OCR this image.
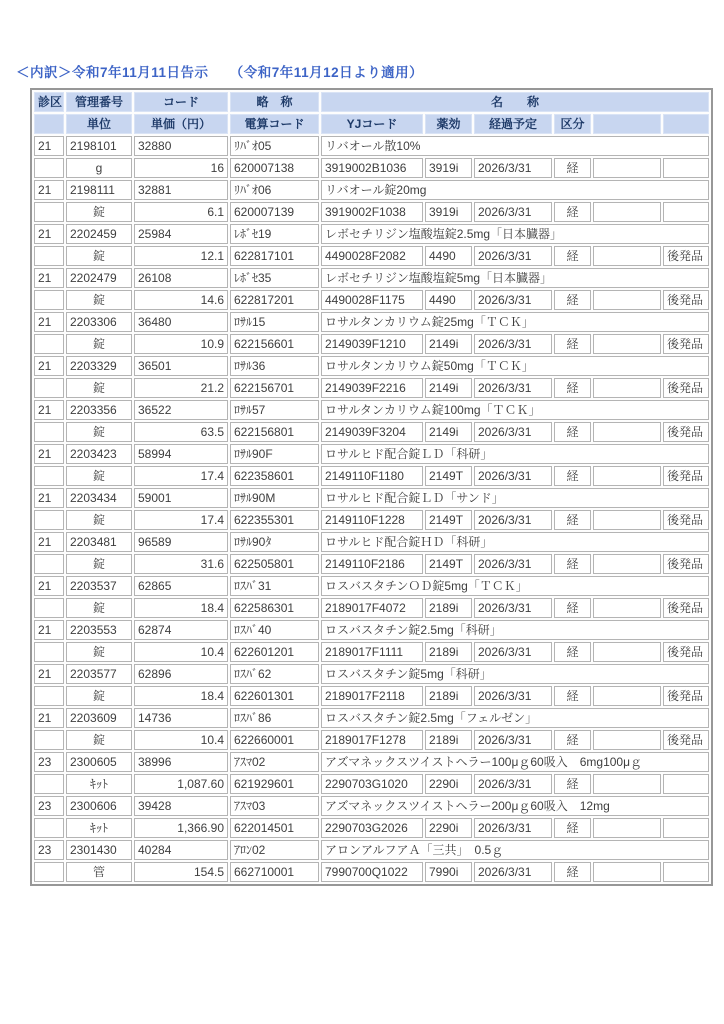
＜内訳＞令和7年11月11日告示　　（令和7年11月12日より適用）
診区	管理番号	コード	略　称	名　　称					
	単位	単価（円）	電算コード	YJコード	薬効	経過予定	区分		
21	2198101	32880	ﾘﾊﾞｵ05	リバオール散10%					
	g	16	620007138	3919002B1036	3919i	2026/3/31	経		
21	2198111	32881	ﾘﾊﾞｵ06	リバオール錠20mg					
	錠	6.1	620007139	3919002F1038	3919i	2026/3/31	経		
21	2202459	25984	ﾚﾎﾞｾ19	レボセチリジン塩酸塩錠2.5mg「日本臓器」					
	錠	12.1	622817101	4490028F2082	4490	2026/3/31	経		後発品
21	2202479	26108	ﾚﾎﾞｾ35	レボセチリジン塩酸塩錠5mg「日本臓器」					
	錠	14.6	622817201	4490028F1175	4490	2026/3/31	経		後発品
21	2203306	36480	ﾛｻﾙ15	ロサルタンカリウム錠25mg「ＴＣＫ」					
	錠	10.9	622156601	2149039F1210	2149i	2026/3/31	経		後発品
21	2203329	36501	ﾛｻﾙ36	ロサルタンカリウム錠50mg「ＴＣＫ」					
	錠	21.2	622156701	2149039F2216	2149i	2026/3/31	経		後発品
21	2203356	36522	ﾛｻﾙ57	ロサルタンカリウム錠100mg「ＴＣＫ」					
	錠	63.5	622156801	2149039F3204	2149i	2026/3/31	経		後発品
21	2203423	58994	ﾛｻﾙ90F	ロサルヒド配合錠ＬＤ「科研」					
	錠	17.4	622358601	2149110F1180	2149T	2026/3/31	経		後発品
21	2203434	59001	ﾛｻﾙ90M	ロサルヒド配合錠ＬＤ「サンド」					
	錠	17.4	622355301	2149110F1228	2149T	2026/3/31	経		後発品
21	2203481	96589	ﾛｻﾙ90ﾀ	ロサルヒド配合錠ＨＤ「科研」					
	錠	31.6	622505801	2149110F2186	2149T	2026/3/31	経		後発品
21	2203537	62865	ﾛｽﾊﾞ31	ロスバスタチンＯＤ錠5mg「ＴＣＫ」					
	錠	18.4	622586301	2189017F4072	2189i	2026/3/31	経		後発品
21	2203553	62874	ﾛｽﾊﾞ40	ロスバスタチン錠2.5mg「科研」					
	錠	10.4	622601201	2189017F1111	2189i	2026/3/31	経		後発品
21	2203577	62896	ﾛｽﾊﾞ62	ロスバスタチン錠5mg「科研」					
	錠	18.4	622601301	2189017F2118	2189i	2026/3/31	経		後発品
21	2203609	14736	ﾛｽﾊﾞ86	ロスバスタチン錠2.5mg「フェルゼン」					
	錠	10.4	622660001	2189017F1278	2189i	2026/3/31	経		後発品
23	2300605	38996	ｱｽﾏ02	アズマネックスツイストヘラー100μｇ60吸入　6mg100μｇ					
	ｷｯﾄ	1,087.60	621929601	2290703G1020	2290i	2026/3/31	経		
23	2300606	39428	ｱｽﾏ03	アズマネックスツイストヘラー200μｇ60吸入　12mg					
	ｷｯﾄ	1,366.90	622014501	2290703G2026	2290i	2026/3/31	経		
23	2301430	40284	ｱﾛﾝ02	アロンアルフアＡ「三共」　0.5ｇ					
	管	154.5	662710001	7990700Q1022	7990i	2026/3/31	経		
